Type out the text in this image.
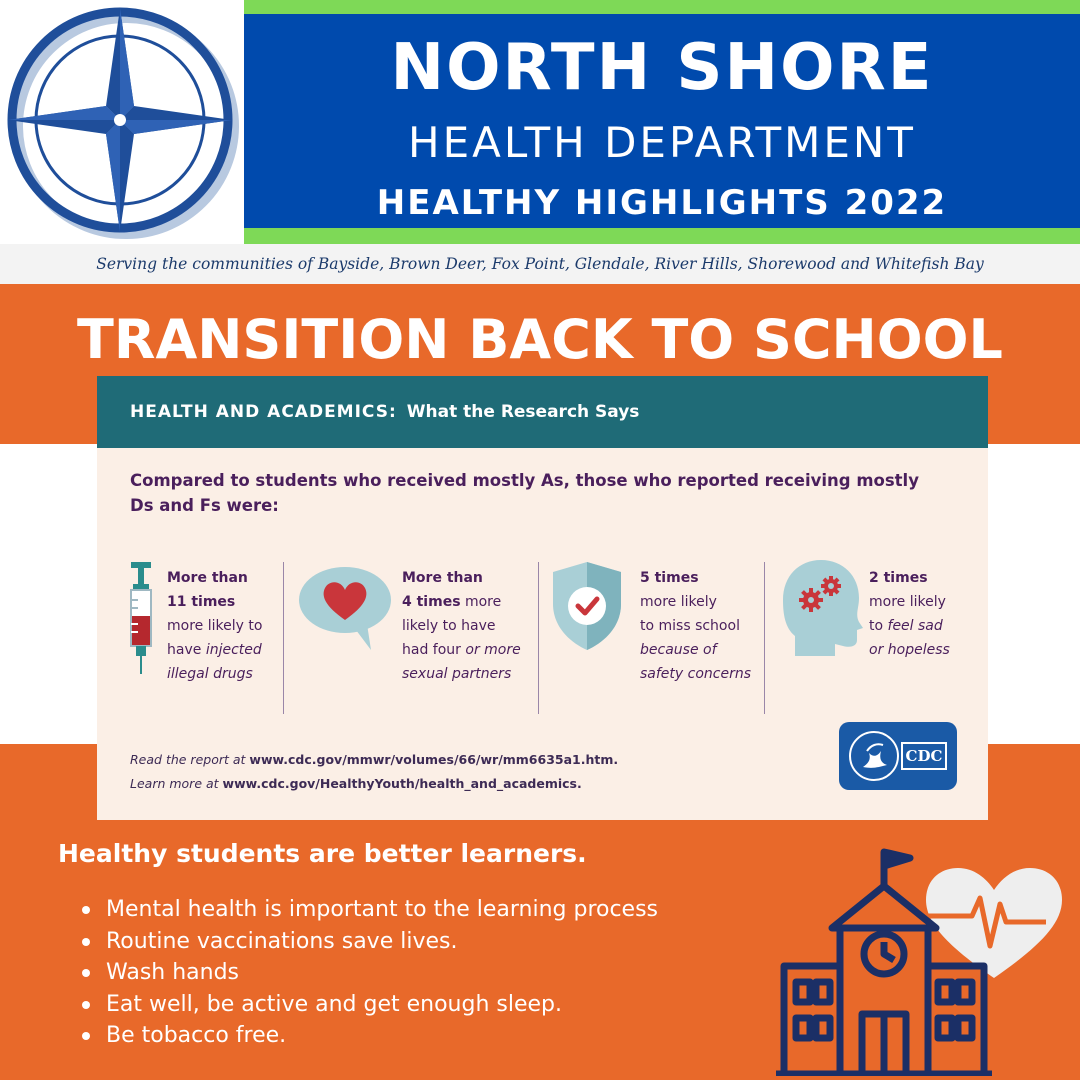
NORTH SHORE
HEALTH DEPARTMENT
HEALTHY HIGHLIGHTS 2022
Serving the communities of Bayside, Brown Deer, Fox Point, Glendale, River Hills, Shorewood and Whitefish Bay
TRANSITION BACK TO SCHOOL
HEALTH AND ACADEMICS: What the Research Says
Compared to students who received mostly As, those who reported receiving mostly Ds and Fs were:
More than
11 times
more likely to
have injected
illegal drugs
More than
4 times more
likely to have
had four or more
sexual partners
5 times
more likely
to miss school
because of
safety concerns
2 times
more likely
to feel sad
or hopeless
Read the report at www.cdc.gov/mmwr/volumes/66/wr/mm6635a1.htm.
Learn more at www.cdc.gov/HealthyYouth/health_and_academics.
CDC
Healthy students are better learners.
Mental health is important to the learning process
Routine vaccinations save lives.
Wash hands
Eat well, be active and get enough sleep.
Be tobacco free.
